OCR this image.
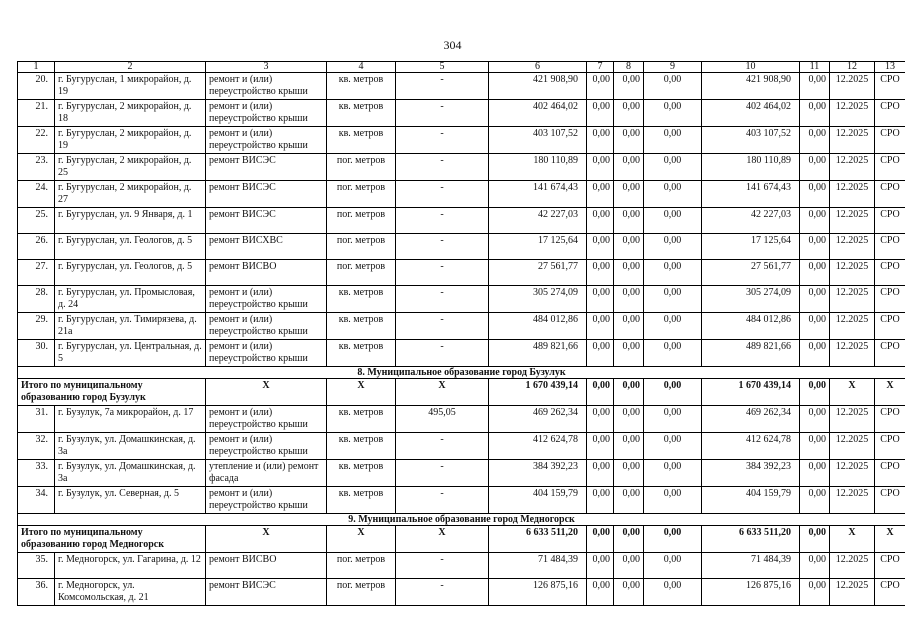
304
1	2	3	4	5	6	7	8	9	10	11	12	13
20.	г. Бугуруслан, 1 микрорайон, д. 19	ремонт и (или) переустройство крыши	кв. метров	-	421 908,90	0,00	0,00	0,00	421 908,90	0,00	12.2025	СРО
21.	г. Бугуруслан, 2 микрорайон, д. 18	ремонт и (или) переустройство крыши	кв. метров	-	402 464,02	0,00	0,00	0,00	402 464,02	0,00	12.2025	СРО
22.	г. Бугуруслан, 2 микрорайон, д. 19	ремонт и (или) переустройство крыши	кв. метров	-	403 107,52	0,00	0,00	0,00	403 107,52	0,00	12.2025	СРО
23.	г. Бугуруслан, 2 микрорайон, д. 25	ремонт ВИСЭС	пог. метров	-	180 110,89	0,00	0,00	0,00	180 110,89	0,00	12.2025	СРО
24.	г. Бугуруслан, 2 микрорайон, д. 27	ремонт ВИСЭС	пог. метров	-	141 674,43	0,00	0,00	0,00	141 674,43	0,00	12.2025	СРО
25.	г. Бугуруслан, ул. 9 Января, д. 1	ремонт ВИСЭС	пог. метров	-	42 227,03	0,00	0,00	0,00	42 227,03	0,00	12.2025	СРО
26.	г. Бугуруслан, ул. Геологов, д. 5	ремонт ВИСХВС	пог. метров	-	17 125,64	0,00	0,00	0,00	17 125,64	0,00	12.2025	СРО
27.	г. Бугуруслан, ул. Геологов, д. 5	ремонт ВИСВО	пог. метров	-	27 561,77	0,00	0,00	0,00	27 561,77	0,00	12.2025	СРО
28.	г. Бугуруслан, ул. Промысловая, д. 24	ремонт и (или) переустройство крыши	кв. метров	-	305 274,09	0,00	0,00	0,00	305 274,09	0,00	12.2025	СРО
29.	г. Бугуруслан, ул. Тимирязева, д. 21а	ремонт и (или) переустройство крыши	кв. метров	-	484 012,86	0,00	0,00	0,00	484 012,86	0,00	12.2025	СРО
30.	г. Бугуруслан, ул. Центральная, д. 5	ремонт и (или) переустройство крыши	кв. метров	-	489 821,66	0,00	0,00	0,00	489 821,66	0,00	12.2025	СРО
8. Муниципальное образование город Бузулук												
Итого по муниципальному образованию город Бузулук		X	X	X	1 670 439,14	0,00	0,00	0,00	1 670 439,14	0,00	X	X
31.	г. Бузулук, 7а микрорайон, д. 17	ремонт и (или) переустройство крыши	кв. метров	495,05	469 262,34	0,00	0,00	0,00	469 262,34	0,00	12.2025	СРО
32.	г. Бузулук, ул. Домашкинская, д. 3а	ремонт и (или) переустройство крыши	кв. метров	-	412 624,78	0,00	0,00	0,00	412 624,78	0,00	12.2025	СРО
33.	г. Бузулук, ул. Домашкинская, д. 3а	утепление и (или) ремонт фасада	кв. метров	-	384 392,23	0,00	0,00	0,00	384 392,23	0,00	12.2025	СРО
34.	г. Бузулук, ул. Северная, д. 5	ремонт и (или) переустройство крыши	кв. метров	-	404 159,79	0,00	0,00	0,00	404 159,79	0,00	12.2025	СРО
9. Муниципальное образование город Медногорск												
Итого по муниципальному образованию город Медногорск		X	X	X	6 633 511,20	0,00	0,00	0,00	6 633 511,20	0,00	X	X
35.	г. Медногорск, ул. Гагарина, д. 12	ремонт ВИСВО	пог. метров	-	71 484,39	0,00	0,00	0,00	71 484,39	0,00	12.2025	СРО
36.	г. Медногорск, ул. Комсомольская, д. 21	ремонт ВИСЭС	пог. метров	-	126 875,16	0,00	0,00	0,00	126 875,16	0,00	12.2025	СРО
